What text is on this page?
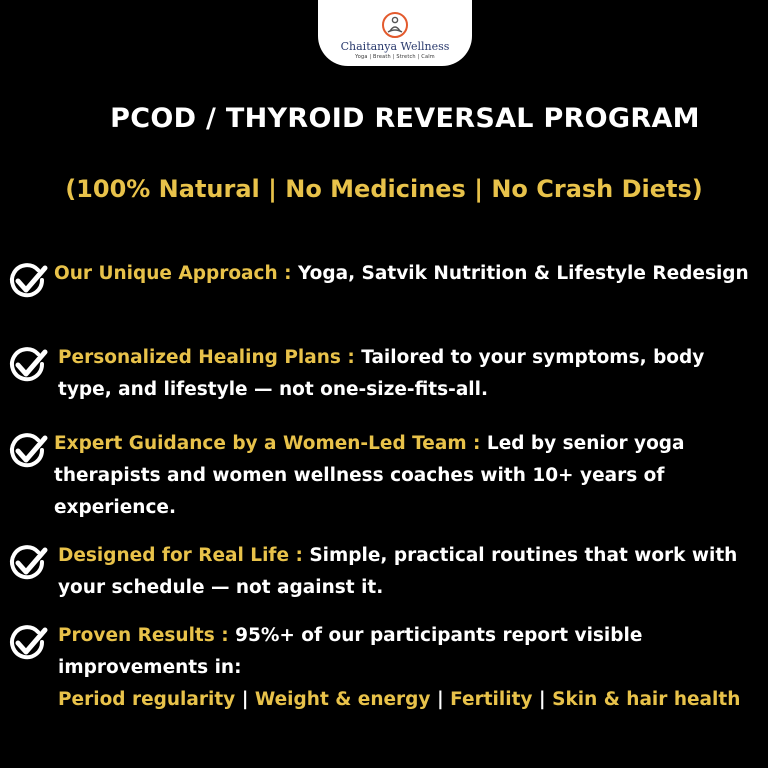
Chaitanya Wellness
Yoga | Breath | Stretch | Calm
PCOD / THYROID REVERSAL PROGRAM
(100% Natural | No Medicines | No Crash Diets)
Our Unique Approach : Yoga, Satvik Nutrition & Lifestyle Redesign
Personalized Healing Plans : Tailored to your symptoms, body type, and lifestyle — not one-size-fits-all.
Expert Guidance by a Women-Led Team : Led by senior yoga therapists and women wellness coaches with 10+ years of experience.
Designed for Real Life : Simple, practical routines that work with your schedule — not against it.
Proven Results : 95%+ of our participants report visible improvements in:
Period regularity | Weight & energy | Fertility | Skin & hair health
